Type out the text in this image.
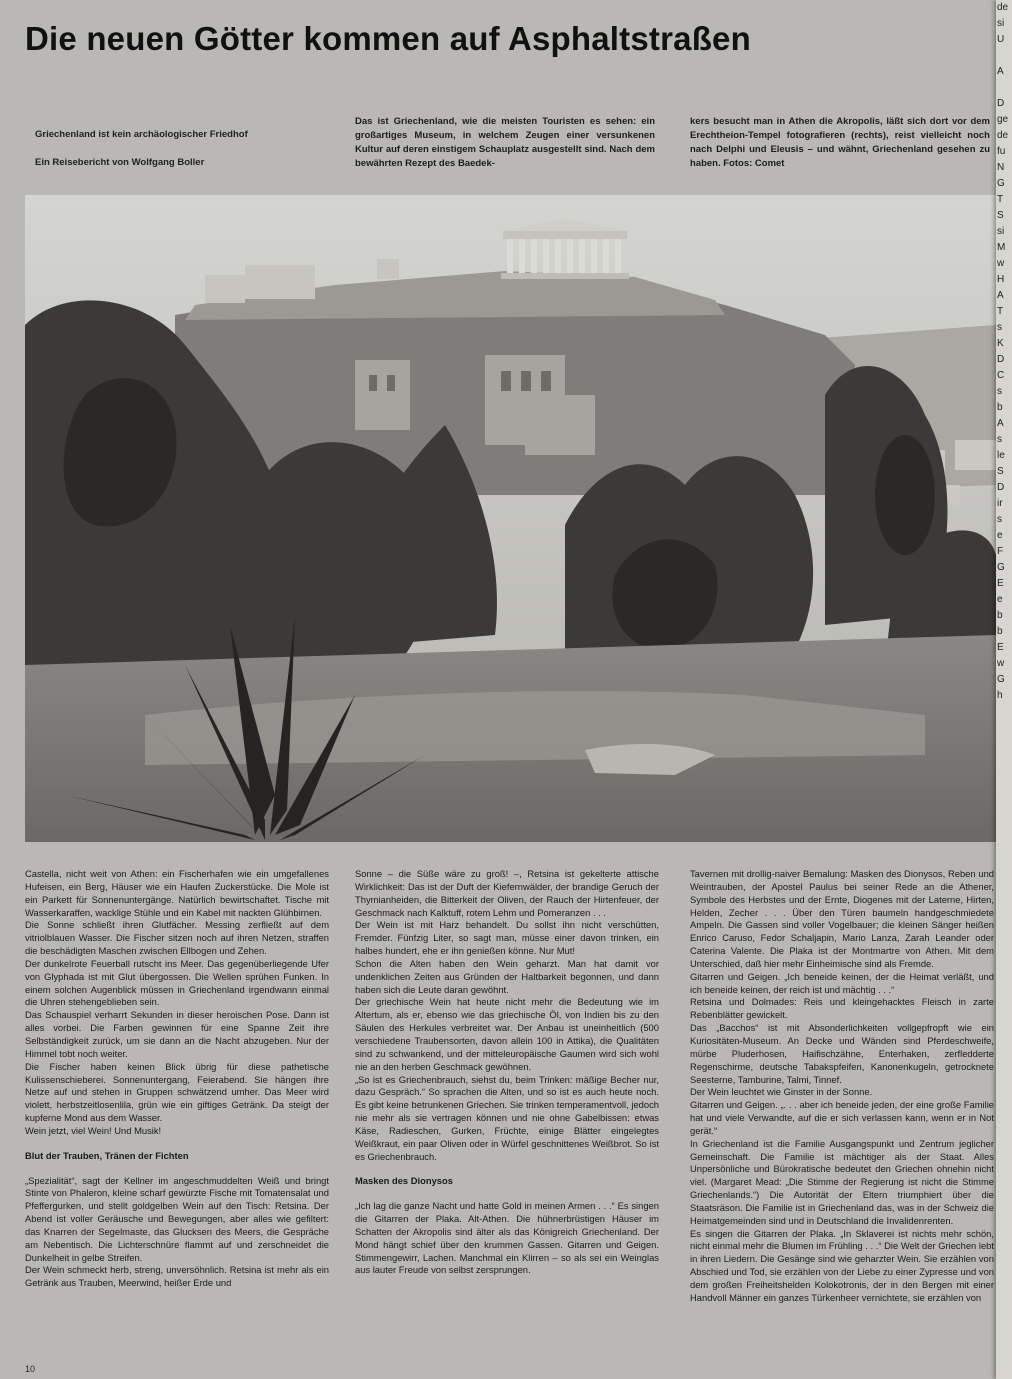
Die neuen Götter kommen auf Asphaltstraßen

Griechenland ist kein archäologischer Friedhof

Ein Reisebericht von Wolfgang Boller

Das ist Griechenland, wie die meisten Touristen es sehen: ein großartiges Museum, in welchem Zeugen einer versunkenen Kultur auf deren einstigem Schauplatz ausgestellt sind. Nach dem bewährten Rezept des Baedek-

kers besucht man in Athen die Akropolis, läßt sich dort vor dem Erechtheion-Tempel fotografieren (rechts), reist vielleicht noch nach Delphi und Eleusis – und wähnt, Griechenland gesehen zu haben. Fotos: Comet

Castella, nicht weit von Athen: ein Fischerhafen wie ein umgefallenes Hufeisen, ein Berg, Häuser wie ein Haufen Zuckerstücke. Die Mole ist ein Parkett für Sonnenuntergänge. Natürlich bewirtschaftet. Tische mit Wasserkaraffen, wacklige Stühle und ein Kabel mit nackten Glühbirnen.

Die Sonne schließt ihren Glutfächer. Messing zerfließt auf dem vitriolblauen Wasser. Die Fischer sitzen noch auf ihren Netzen, straffen die beschädigten Maschen zwischen Ellbogen und Zehen.

Der dunkelrote Feuerball rutscht ins Meer. Das gegenüberliegende Ufer von Glyphada ist mit Glut übergossen. Die Wellen sprühen Funken. In einem solchen Augenblick müssen in Griechenland irgendwann einmal die Uhren stehengeblieben sein.

Das Schauspiel verharrt Sekunden in dieser heroischen Pose. Dann ist alles vorbei. Die Farben gewinnen für eine Spanne Zeit ihre Selbständigkeit zurück, um sie dann an die Nacht abzugeben. Nur der Himmel tobt noch weiter.

Die Fischer haben keinen Blick übrig für diese pathetische Kulissenschieberei. Sonnenuntergang, Feierabend. Sie hängen ihre Netze auf und stehen in Gruppen schwätzend umher. Das Meer wird violett, herbstzeitlosenlila, grün wie ein giftiges Getränk. Da steigt der kupferne Mond aus dem Wasser.

Wein jetzt, viel Wein! Und Musik!

Blut der Trauben, Tränen der Fichten

„Spezialität“, sagt der Kellner im angeschmuddelten Weiß und bringt Stinte von Phaleron, kleine scharf gewürzte Fische mit Tomatensalat und Pfeffergurken, und stellt goldgelben Wein auf den Tisch: Retsina. Der Abend ist voller Geräusche und Bewegungen, aber alles wie gefiltert: das Knarren der Segelmaste, das Glucksen des Meers, die Gespräche am Nebentisch. Die Lichterschnüre flammt auf und zerschneidet die Dunkelheit in gelbe Streifen.

Der Wein schmeckt herb, streng, unversöhnlich. Retsina ist mehr als ein Getränk aus Trauben, Meerwind, heißer Erde und

Sonne – die Süße wäre zu groß! –, Retsina ist gekelterte attische Wirklichkeit: Das ist der Duft der Kiefernwälder, der brandige Geruch der Thymianheiden, die Bitterkeit der Oliven, der Rauch der Hirtenfeuer, der Geschmack nach Kalktuff, rotem Lehm und Pomeranzen . . .

Der Wein ist mit Harz behandelt. Du sollst ihn nicht verschütten, Fremder. Fünfzig Liter, so sagt man, müsse einer davon trinken, ein halbes hundert, ehe er ihn genießen könne. Nur Mut!

Schon die Alten haben den Wein geharzt. Man hat damit vor undenklichen Zeiten aus Gründen der Haltbarkeit begonnen, und dann haben sich die Leute daran gewöhnt.

Der griechische Wein hat heute nicht mehr die Bedeutung wie im Altertum, als er, ebenso wie das griechische Öl, von Indien bis zu den Säulen des Herkules verbreitet war. Der Anbau ist uneinheitlich (500 verschiedene Traubensorten, davon allein 100 in Attika), die Qualitäten sind zu schwankend, und der mitteleuropäische Gaumen wird sich wohl nie an den herben Geschmack gewöhnen.

„So ist es Griechenbrauch, siehst du, beim Trinken: mäßige Becher nur, dazu Gespräch.“ So sprachen die Alten, und so ist es auch heute noch. Es gibt keine betrunkenen Griechen. Sie trinken temperamentvoll, jedoch nie mehr als sie vertragen können und nie ohne Gabelbissen: etwas Käse, Radieschen, Gurken, Früchte, einige Blätter eingelegtes Weißkraut, ein paar Oliven oder in Würfel geschnittenes Weißbrot. So ist es Griechenbrauch.

Masken des Dionysos

„Ich lag die ganze Nacht und hatte Gold in meinen Armen . . .“ Es singen die Gitarren der Plaka. Alt-Athen. Die hühnerbrüstigen Häuser im Schatten der Akropolis sind älter als das Königreich Griechenland. Der Mond hängt schief über den krummen Gassen. Gitarren und Geigen. Stimmengewirr, Lachen. Manchmal ein Klirren – so als sei ein Weinglas aus lauter Freude von selbst zersprungen.

Tavernen mit drollig-naiver Bemalung: Masken des Dionysos, Reben und Weintrauben, der Apostel Paulus bei seiner Rede an die Athener, Symbole des Herbstes und der Ernte, Diogenes mit der Laterne, Hirten, Helden, Zecher . . . Über den Türen baumeln handgeschmiedete Ampeln. Die Gassen sind voller Vogelbauer; die kleinen Sänger heißen Enrico Caruso, Fedor Schaljapin, Mario Lanza, Zarah Leander oder Caterina Valente. Die Plaka ist der Montmartre von Athen. Mit dem Unterschied, daß hier mehr Einheimische sind als Fremde.

Gitarren und Geigen. „Ich beneide keinen, der die Heimat verläßt, und ich beneide keinen, der reich ist und mächtig . . .“

Retsina und Dolmades: Reis und kleingehacktes Fleisch in zarte Rebenblätter gewickelt.

Das „Bacchos“ ist mit Absonderlichkeiten vollgepfropft wie ein Kuriositäten-Museum. An Decke und Wänden sind Pferdeschweife, mürbe Pluderhosen, Haifischzähne, Enterhaken, zerfledderte Regenschirme, deutsche Tabakspfeifen, Kanonenkugeln, getrocknete Seesterne, Tamburine, Talmi, Tinnef.

Der Wein leuchtet wie Ginster in der Sonne.

Gitarren und Geigen. „. . . aber ich beneide jeden, der eine große Familie hat und viele Verwandte, auf die er sich verlassen kann, wenn er in Not gerät.“

In Griechenland ist die Familie Ausgangspunkt und Zentrum jeglicher Gemeinschaft. Die Familie ist mächtiger als der Staat. Alles Unpersönliche und Bürokratische bedeutet den Griechen ohnehin nicht viel. (Margaret Mead: „Die Stimme der Regierung ist nicht die Stimme Griechenlands.“) Die Autorität der Eltern triumphiert über die Staatsräson. Die Familie ist in Griechenland das, was in der Schweiz die Heimatgemeinden sind und in Deutschland die Invalidenrenten.

Es singen die Gitarren der Plaka. „In Sklaverei ist nichts mehr schön, nicht einmal mehr die Blumen im Frühling . . .“ Die Welt der Griechen lebt in ihren Liedern. Die Gesänge sind wie geharzter Wein. Sie erzählen von Abschied und Tod, sie erzählen von der Liebe zu einer Zypresse und von dem großen Freiheitshelden Kolokotronis, der in den Bergen mit einer Handvoll Männer ein ganzes Türkenheer vernichtete, sie erzählen von

10
de
si
U

A

D
ge
de
fu
N
G
T
S
si
M
w
H
A
T
s
K
D
C
s
b
A
s
le
S
D
ir
s
e
F
G
E
e
b
b
E
w
G
h
